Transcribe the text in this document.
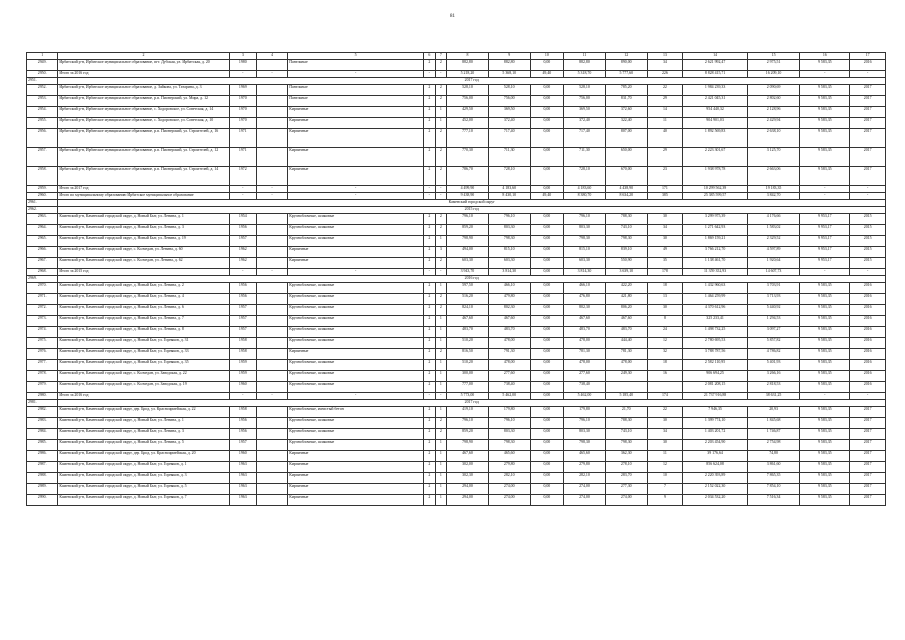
81
1	2	3	4	5	6	7	8	9	10	11	12	13	14	15	16	17
2949.	Ирбитский р-н, Ирбитское муниципальное образование, пгт. Дубская, ул. Ирбитская, д. 20	1980		Панельные	2	2	882,80	882,80	0,00	882,80	890,00	34	2 621 992,47	2 975,51	9 583,35	2016
2950.	Итого за 2016 год	-	-	-	-	-	5 218,20	5 368,10	49,40	5 318,70	5 777,60	226	8 828 415,71	16 209,10	-	-
2951.	2017 год															
2952.	Ирбитский р-н, Ирбитское муниципальное образование, д. Зайкова, ул. Татарина, д. 3	1969		Панельные	2	2	528,10	528,10	0,00	528,10	785,20	22	1 984 239,33	2 090,69	9 583,35	2017
2953.	Ирбитский р-н, Ирбитское муниципальное образование, р.п. Пионерский, ул. Мира, д. 12	1970		Панельные	2	2	756,00	756,00	0,00	756,00	831,70	29	2 421 045,31	2 802,60	9 583,35	2017
2954.	Ирбитский р-н, Ирбитское муниципальное образование, с. Ходоровское, ул. Советская, д. 14	1970		Кирпичные	2	1	429,50	369,50	0,00	369,50	372,60	14	954 440,32	2 128,96	9 583,35	2017
2955.	Ирбитский р-н, Ирбитское муниципальное образование, с. Ходоровское, ул. Советская, д. 10	1970		Кирпичные	2	1	452,00	372,40	0,00	372,40	322,40	11	904 901,03	2 429,94	9 583,35	2017
2956.	Ирбитский р-н, Ирбитское муниципальное образование, р.п. Пионерский, ул. Строителей, д. 16	1971		Кирпичные	2	2	777,10	717,40	0,00	717,40	807,00	40	1 892 569,83	2 638,10	9 583,35	2017
2957.	Ирбитский р-н, Ирбитское муниципальное образование, р.п. Пионерский, ул. Строителей, д. 12	1971		Кирпичные	2	2	770,30	711,30	0,00	711,30	650,00	29	2 223 301,67	3 125,70	9 583,35	2017
2958.	Ирбитский р-н, Ирбитское муниципальное образование, р.п. Пионерский, ул. Строителей, д. 14	1972		Кирпичные	2	2	786,70	728,10	0,00	728,10	670,00	23	1 938 978,78	2 663,06	9 583,35	2017
2959.	Итого за 2017 год	-	-	-	-	-	4 499,90	4 183,60	0,00	4 183,60	4 438,90	171	10 299 562,39	19 183,35	-	-
2960.	Итого по муниципальному образованию Ирбитское муниципальное образование	-	-	-	-	-	9 438,90	8 430,10	49,40	8 380,70	8 634,20	385	25 385 599,57	3 842,70	-	-
2961.	Каменский городской округ															
2962.	2015 год															
2963.	Каменский р-н, Каменский городской округ, д. Новый Быт, ул. Ленина, д. 1	1954		Крупноблочные, шлаковые	2	2	796,10	796,10	0,00	796,10	788,30	30	3 299 975,39	4 176,66	9 953,17	2015
2964.	Каменский р-н, Каменский городской округ, д. Новый Быт, ул. Ленина, д. 3	1956		Крупноблочные, шлаковые	2	2	859,20	803,30	0,00	803,30	743,10	34	1 271 642,93	1 583,02	9 953,17	2015
2965.	Каменский р-н, Каменский городской округ, д. Новый Быт, ул. Ленина, д. 19	1957		Крупноблочные, шлаковые	2	1	798,90	798,30	0,00	798,30	798,30	30	1 869 159,21	2 329,52	9 953,17	2015
2966.	Каменский р-н, Каменский городской округ, с. Колчедан, ул. Ленина, д. 60	1962		Кирпичные	2	3	494,00	815,10	0,00	815,10	839,10	49	3 766 212,70	4 597,89	9 953,17	2015
2967.	Каменский р-н, Каменский городской округ, с. Колчедан, ул. Ленина, д. 62	1962		Кирпичные	2	2	603,30	603,30	0,00	603,30	550,90	35	1 138 461,70	1 920,64	9 953,17	2015
2968.	Итого за 2015 год	-	-	-	-	-	3 943,70	3 814,30	0,00	3 814,30	3 639,10	178	11 359 352,93	14 607,73	-	-
2969.	2016 год															
2970.	Каменский р-н, Каменский городской округ, д. Новый Быт, ул. Ленина, д. 2	1956		Крупноблочные, шлаковые	2	1	597,50	466,10	0,00	466,10	422,20	18	1 432 960,63	3 703,91	9 583,35	2016
2971.	Каменский р-н, Каменский городской округ, д. Новый Быт, ул. Ленина, д. 4	1956		Крупноблочные, шлаковые	2	2	516,20	479,80	0,00	476,80	421,80	13	1 464 259,99	3 713,93	9 583,35	2016
2972.	Каменский р-н, Каменский городской округ, д. Новый Быт, ул. Ленина, д. 6	1957		Крупноблочные, шлаковые	2	2	824,10	802,30	0,00	802,30	806,20	30	4 370 612,96	5 440,92	9 583,35	2016
2973.	Каменский р-н, Каменский городской округ, д. Новый Быт, ул. Ленина, д. 7	1957		Крупноблочные, шлаковые	2	1	467,60	467,60	0,00	467,60	467,60	8	325 233,41	1 294,53	9 583,35	2016
2974.	Каменский р-н, Каменский городской округ, д. Новый Быт, ул. Ленина, д. 8	1957		Крупноблочные, шлаковые	2	1	483,70	483,70	0,00	483,70	483,70	24	1 498 732,25	3 097,27	9 583,35	2016
2975.	Каменский р-н, Каменский городской округ, д. Новый Быт, ул. Горняков, д. 31	1958		Крупноблочные, шлаковые	2	1	510,20	478,00	0,00	478,00	444,40	12	2 780 695,53	5 857,82	9 583,35	2016
2976.	Каменский р-н, Каменский городской округ, д. Новый Быт, ул. Горняков, д. 33	1958		Кирпичные	2	2	816,50	791,30	0,00	781,30	781,30	32	3 788 787,56	4 786,82	9 583,35	2016
2977.	Каменский р-н, Каменский городской округ, д. Новый Быт, ул. Горняков, д. 35	1959		Крупноблочные, шлаковые	2	1	510,20	478,00	0,00	478,00	478,00	18	2 582 110,95	5 401,93	9 583,35	2016
2978.	Каменский р-н, Каменский городской округ, с. Колчедан, ул. Заводская, д. 22	1959		Крупноблочные, шлаковые	2	1	300,00	277,60	0,00	277,60	249,30	16	906 694,25	3 266,16	9 583,35	2016
2979.	Каменский р-н, Каменский городской округ, с. Колчедан, ул. Заводская, д. 19	1960		Крупноблочные, шлаковые	2	1	777,00	738,40	0,00	738,40			2 081 208,15	2 818,53	9 583,35	2016
2980.	Итого за 2016 год	-	-	-	-	-	5 773,00	5 462,00	0,00	5 462,00	5 185,40	174	21 737 916,88	38 631,25	-	-
2981.	2017 год															
2982.	Каменский р-н, Каменский городской округ, дер. Брод, ул. Красноармейская, д. 22	1958		Крупноблочные, ячеистый бетон	2	1	419,10	179,80	0,00	179,80	21,70	22	7 946,35	20,93	9 583,35	2017
2983.	Каменский р-н, Каменский городской округ, д. Новый Быт, ул. Ленина, д. 1	1956		Крупноблочные, шлаковые	2	2	796,10	796,10	0,00	796,10	788,30	30	1 399 774,10	1 845,68	9 583,35	2017
2984.	Каменский р-н, Каменский городской округ, д. Новый Быт, ул. Ленина, д. 3	1956		Крупноблочные, шлаковые	2	2	859,20	803,30	0,00	803,30	743,10	34	1 403 201,72	1 746,87	9 583,35	2017
2985.	Каменский р-н, Каменский городской округ, д. Новый Быт, ул. Ленина, д. 5	1957		Крупноблочные, шлаковые	2	1	798,90	798,30	0,00	798,30	798,30	30	2 203 454,90	2 754,98	9 583,35	2017
2986.	Каменский р-н, Каменский городской округ, дер. Брод, ул. Красноармейская, д. 20	1960		Кирпичные	2	1	467,60	465,60	0,00	465,60	362,30	11	39 176,64	74,80	9 583,35	2017
2987.	Каменский р-н, Каменский городской округ, д. Новый Быт, ул. Горняков, д. 1	1963		Кирпичные	2	1	302,00	279,80	0,00	279,80	278,10	12	856 624,08	3 861,60	9 583,35	2017
2988.	Каменский р-н, Каменский городской округ, д. Новый Быт, ул. Горняков, д. 3	1963		Кирпичные	2	1	302,30	282,10	0,00	282,10	283,70	10	2 220 393,89	7 865,35	9 583,35	2017
2989.	Каменский р-н, Каменский городской округ, д. Новый Быт, ул. Горняков, д. 5	1963		Кирпичные	2	1	294,00	274,00	0,00	274,00	277,30	7	2 152 022,30	7 854,10	9 583,35	2017
2990.	Каменский р-н, Каменский городской округ, д. Новый Быт, ул. Горняков, д. 7	1963		Кирпичные	2	1	294,00	274,00	0,00	274,00	274,00	9	2 034 532,20	7 516,34	9 583,35	2017
